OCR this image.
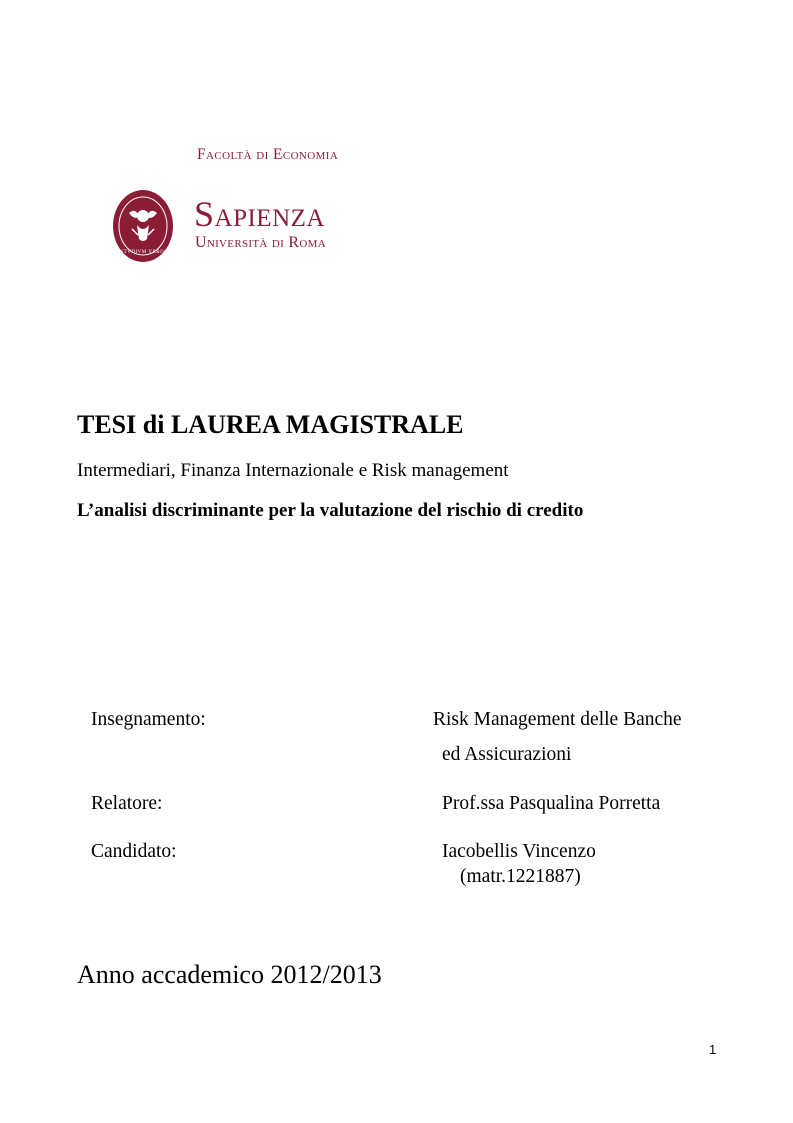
Facoltà di Economia
STVDIVM VRBIS
Sapienza
Università di Roma
TESI di LAUREA MAGISTRALE
Intermediari, Finanza Internazionale e Risk management
L’analisi discriminante per la valutazione del rischio di credito
Insegnamento:	Risk Management delle Banche
ed Assicurazioni
Relatore:	Prof.ssa Pasqualina Porretta
Candidato:	Iacobellis Vincenzo
(matr.1221887)
Anno accademico 2012/2013
1
